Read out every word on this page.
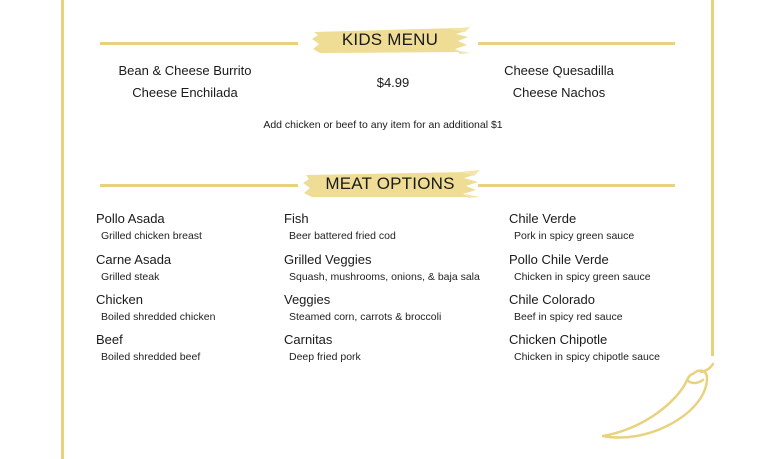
KIDS MENU
Bean & Cheese Burrito
Cheese Enchilada
$4.99
Cheese Quesadilla
Cheese Nachos
Add chicken or beef to any item for an additional $1
MEAT OPTIONS
Pollo Asada
Grilled chicken breast
Carne Asada
Grilled steak
Chicken
Boiled shredded chicken
Beef
Boiled shredded beef
Fish
Beer battered fried cod
Grilled Veggies
Squash, mushrooms, onions, & baja sala
Veggies
Steamed corn, carrots & broccoli
Carnitas
Deep fried pork
Chile Verde
Pork in spicy green sauce
Pollo Chile Verde
Chicken in spicy green sauce
Chile Colorado
Beef in spicy red sauce
Chicken Chipotle
Chicken in spicy chipotle sauce
